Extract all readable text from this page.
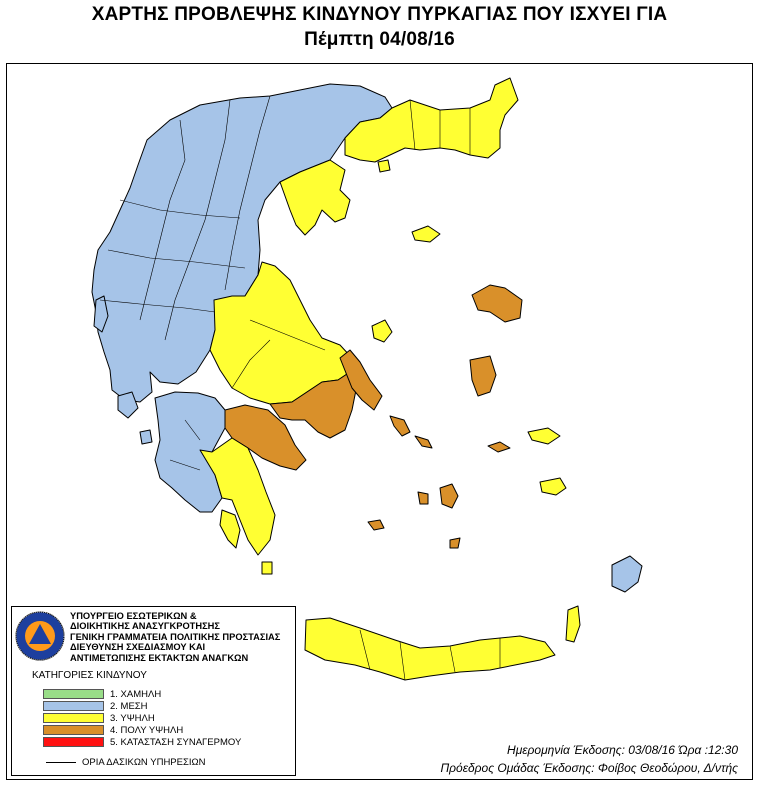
ΧΑΡΤΗΣ ΠΡΟΒΛΕΨΗΣ ΚΙΝΔΥΝΟΥ ΠΥΡΚΑΓΙΑΣ ΠΟΥ ΙΣΧΥΕΙ ΓΙΑ
Πέμπτη 04/08/16
ΥΠΟΥΡΓΕΙΟ ΕΣΩΤΕΡΙΚΩΝ &
ΔΙΟΙΚΗΤΙΚΗΣ ΑΝΑΣΥΓΚΡΟΤΗΣΗΣ
ΓΕΝΙΚΗ ΓΡΑΜΜΑΤΕΙΑ ΠΟΛΙΤΙΚΗΣ ΠΡΟΣΤΑΣΙΑΣ
ΔΙΕΥΘΥΝΣΗ ΣΧΕΔΙΑΣΜΟΥ ΚΑΙ
ΑΝΤΙΜΕΤΩΠΙΣΗΣ ΕΚΤΑΚΤΩΝ ΑΝΑΓΚΩΝ
ΚΑΤΗΓΟΡΙΕΣ ΚΙΝΔΥΝΟΥ
1. ΧΑΜΗΛΗ
2. ΜΕΣΗ
3. ΥΨΗΛΗ
4. ΠΟΛΥ ΥΨΗΛΗ
5. ΚΑΤΑΣΤΑΣΗ ΣΥΝΑΓΕΡΜΟΥ
ΟΡΙΑ ΔΑΣΙΚΩΝ ΥΠΗΡΕΣΙΩΝ
Ημερομηνία Έκδοσης: 03/08/16 Ώρα :12:30
Πρόεδρος Ομάδας Έκδοσης: Φοίβος Θεοδώρου, Δ/ντής
